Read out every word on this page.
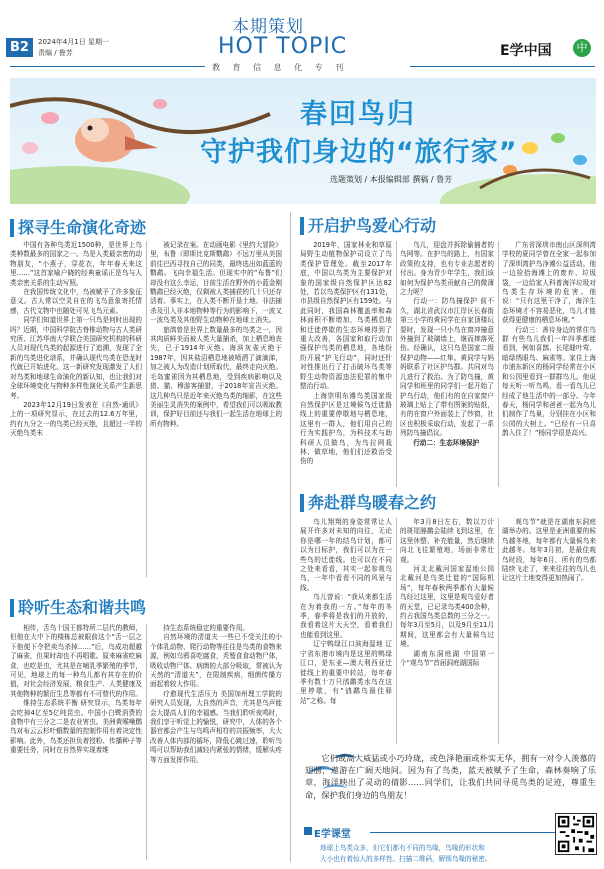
B2	2024年4月1日 星期一
责编 / 鲁芳
本期策划
HOT TOPIC
教 育 信 息 化 专 刊
E学中国	中
春回鸟归
守护我们身边的“旅行家”
选题策划 / 本报编辑部 撰稿 / 鲁芳
探寻生命演化奇迹

中国有各种鸟类近1500种，是世界上鸟类种数最多的国家之一。鸟是人类最亲密的动物朋友，“小燕子，穿花衣，年年春天来这里……”这首家喻户晓的经典童谣正是鸟与人类亲密关系的生动写照。

在我国传统文化中，鸟被赋予了许多象征意义。古人常以空灵自在的飞鸟意象寄托情感，古代文物中也随处可见飞鸟元素。

同学们知道世界上第一只鸟是何时出现的吗？近期，中国科学院古脊椎动物与古人类研究所、江苏华南大学联合美国研究机构的科研人员对现代鸟类的起源进行了追溯，发现了全新的鸟类进化谱系，并确认现代鸟类在恐龙时代就已开始进化。这一新研究发现激发了人们对鸟类和地球生命演化的新认知，也让我们对全球环境变化与物种多样性演化关系产生新思考。

2023年12月19日发表在《自然-通讯》上的一项研究显示，在过去的12.6万年里，约有九分之一的鸟类已经灭绝，且超过一半的灭绝鸟类未

被记录在案。在动画电影《里约大冒险》里，布鲁（即斯比克斯鹦鹉）不远万里从美国前往巴西寻找自己的同类，最终选出如蓝蓝的鹦鹉。飞向幸福生活。但现实中的“布鲁”们却没有这么幸运，目前生活在野外的小蓝金刚鹦鹉已经灭绝，仅剩被人类捕获的几十只还存活着。事实上，在人类不断开垦土地、非法捕杀及引入非本地物种等行为的影响下，一波又一波鸟类及其他野生动物种在地球上消失。

旅鸽曾是世界上数量最多的鸟类之一，因其肉质鲜美而被人类大量捕杀，加上栖息地丧失，已于1914年灭绝。海滨灰雀灭绝于1987年，因其盐沼栖息地被喷洒了滴滴涕，加之被人为改造计划所取代，最终走向灭绝。毛岛蜜雀因为其栖息地，受到疾病影响以及猎、猫、穆游客捕猎，于2018年宣告灭绝。这几种鸟只是近年来灭绝鸟类的缩影，在这些美丽生灵消失的案例中，希望我们可以吸取教训，保护好目前还与我们一起生活在地球上的所有物种。

聆听生态和谐共鸣

相传，舌鸟十国王都特所二层代的教师，但他在大中下的楼栋总被眼前这个“舌一层之下他便下令把卖鸟杀掉……”后，鸟成功超越了麻雀，但果时却也不再唱歌。原来麻雀吃麻食，也吃是虫，尤其是在哺乳季繁殖的季节，可见，地球上的每一种鸟儿都有其存在的价值，对社会经济发展、粮食生产、人类健康及其他物种的繁衍生息等都有不可替代的作用。

维持生态系统平衡 研究显示，鸟类每年会吃掉4亿至5亿吨昆虫。中国小白鹭消费的食物中有三分之二是农业害虫。美洲黄喉噪鹛鸟对布云云杉叶蛾数量的控制作用有着决定性影响。此外，鸟类还担负着授粉、传播种子等重要任务，同时在自然界实现着维

持生态系统稳定的重要作用。

自然环境的清道夫 一些已不受关注的小个体乳动物、爬行动物等往往是鸟类的食物来源，例如乌鸦喜吃腐食，秃鹫食食动物尸体，吸收动物尸体、病菌的大部分吸取，常被认为天然的“清道夫”，在限制疾病，细菌传播方面起着较大作用。

疗愈现代生活压力 美国加州理工学院的研究人员发现，大自然的声音，尤其是鸟声能会大提高人们的幸福感。当我们聆听夜鸣时，我们享于听觉上的愉悦，研究中，人体的各个器官都会产生与鸟鸣声相符的共振频率，大大改善人体内部的循环，降低心跳过速，聆听鸟鸣可以帮助我们减轻内紧张的情绪，缓解头疼等方面发挥作用。

开启护鸟爱心行动

2019年，国家林业和草原局野生动植物保护司设立了鸟类保护管理处。截至2017年底，中国以鸟类为主要保护对象的国家级自然保护区达82处，若以鸟类保护区有131处，市县级自然保护区有159处。与此同时，我国森林覆盖率和森林面积不断增加，鸟类栖息地和迁徙停歇的生态环境得到了重大改善，各国家和取行动加强保护鸟类的栖息地，各地纷纷开展“护飞行动”，同时还针对性推出行了打击破坏鸟类等野生动物资源违法犯罪的集中整治行动。

上海崇明东滩鸟类国家级自然保护区是过境候鸟迁徙路线上的重要停歇地与栖息地，这里有一群人，他们用自己的行为实践护鸟，为科技术与助科研人员做鸟，为鸟拉网栽林、做草地，他们们还救治受伤的

鸟儿，迎盘并拆除偷捕者的鸟网等。在护鸟的路上，有国家政策的支持，也有专业志愿者的付出。身为青少年学生，我们该如何为保护鸟类贡献自己的微薄之力呢？

行动一：防鸟撞保护 前不久，湖北省武汉市江岸区长春街第三小学的黄同学在自家顶楼玩耍时，发现一只小鸟在窗冲撞意外撞到了玻璃墙上，继而摔落死伤。经确认，这只鸟是国家二级保护动物——红隼。黄同学与妈妈联系了社区护鸟群。共同对鸟儿进行了救治。为了防鸟撞，黄同学和班里的同学们一起开始了护鸟行动，他们有的在自家窗户玻璃上贴上了带有图案的贴纸，有的在窗户外面装上了纱窗，社区也积极采取行动，发起了一系列防鸟撞倡议。

行动二：生态环境保护

广东省深圳市南山区深圳湾学校的夏同学曾在全家一起参加了深圳湾护鸟净滩公益活动。他一边捡拾海滩上的废弃、垃圾袋，一边给家人科普海洋垃圾对鸟类生存环境的危害。他说：“只有这里干净了，海洋生态环境才不容易恶化，鸟儿才能获得更健康的栖息环境。”

行动三：善待身边的常住鸟群 有些鸟儿我们一年四季都能看到，例如喜鹊、长尾缝叶莺、暗绿绣眼鸟、麻雀等。家住上海市浦东新区的杨同学经常在小区和公园里看到一群群鸟儿。他说每天听一听鸟鸣，看一看鸟儿已经成了他生活中的一部分。今年春天，杨同学和爸爸一起为鸟儿们制作了鸟巢，分别挂在小区和公园的大树上。“已经有一只喜鹊入住了！”杨同学很是高兴。

奔赴群鸟暖春之约

鸟儿翔翔的身姿常常让人展开许多对未知的向往，无论你是哪一年的结鸟计划，都可以为目标护，我们可以为在一些鸟的迁徙线。也可以在不同之处来看看，其实一起参观鸟鸟，一年中看看不同的风景与线。

鸟儿曾说：“我从来都生活在为着我的一方。”每年的冬季，春季将是我们的开放的，我看着这片大天空，看着我们也能看到这里。

辽宁鸭绿江口滨海湿地 辽宁省东港市境内是这里的鸭绿江口，是东亚—澳大利西亚迁徙线上的重要中转站，每年春季有数十万只鸻鹬类水鸟在这里停歇，有“鸻鹬鸟最佳驿站”之称。每

年3月8日左右，数以万计的斑尾塍鹬会陆续飞到这里，在这里休整、补充能量，然后继续向北飞往繁殖地，场面非常壮观。

河北北戴河国家湿地公园 北戴河是鸟类迁徙的“国际机场”，每年春秋两季都有大量候鸟经过这里，这里是观鸟爱好者的天堂，已记录鸟类400余种，约占我国鸟类总数的三分之一。每年3月至5月，以及9月至11月期间，这里都会有大量候鸟过境。

湖南东洞庭湖 中国第一个“观鸟节”首届洞庭湖国际

观鸟节”就是在湖南东洞庭湖举办的。这里是亚洲重要的候鸟越冬地，每年都有大量候鸟来此越冬。每年3月初，是最佳观鸟时段，每年6月，所有的鸟都陆续飞走了，来来往往的鸟儿也让这片土地变得更加热闹了。

它们或高大威猛或小巧玲珑，或色泽艳丽或朴实无华，拥有一对令人羡慕的翅膀，遨游在广阔天地间。因为有了鸟类，蓝天被赋予了生命，森林奏响了乐章，海洋映出了灵动的倩影……同学们，让我们共同寻觅鸟类的足迹，尊重生命，保护我们身边的鸟朋友！
E学课堂
地球上鸟类众多，但它们都有不同的鸟喙，鸟喙的形状和
大小也有着惊人的多样性。扫描二维码，解锁鸟喙的秘密。
